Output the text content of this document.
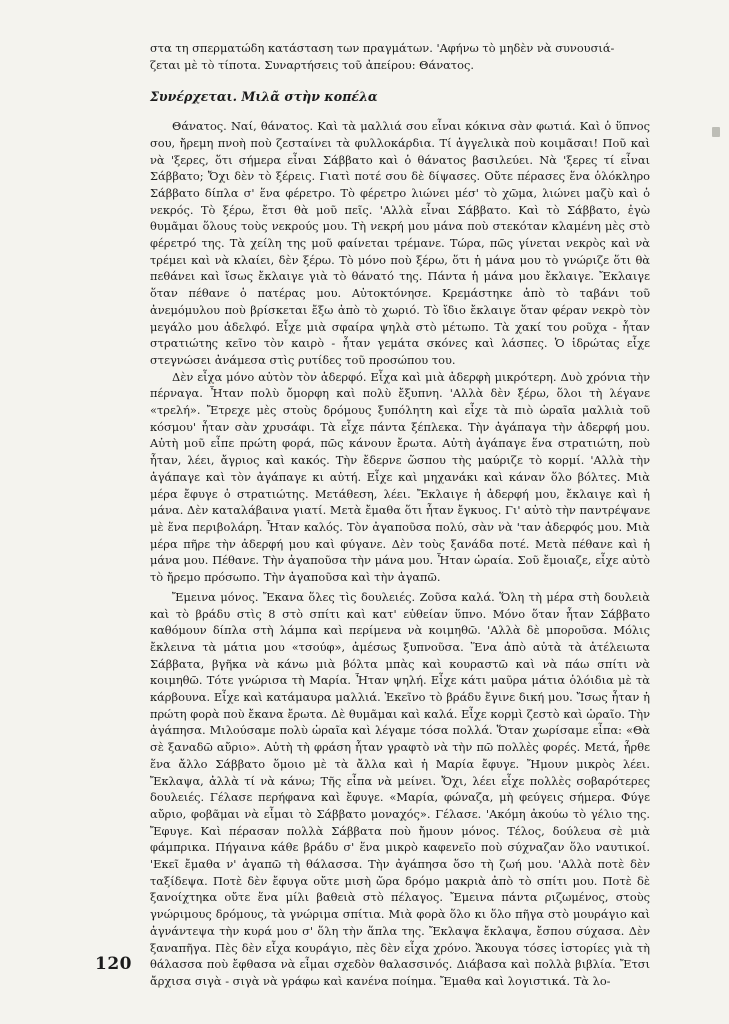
στα τη σπερματώδη κατάσταση των πραγμάτων. 'Αφήνω τὸ μηδὲν νὰ συνουσιά-

ζεται μὲ τὸ τίποτα. Συναρτήσεις τοῦ ἀπείρου: Θάνατος.

Συνέρχεται. Μιλᾶ στὴν κοπέλα

Θάνατος. Ναί, θάνατος. Καὶ τὰ μαλλιά σου εἶναι κόκινα σὰν φωτιά. Καὶ ὁ ὕπνος σου, ἤρεμη πνοὴ ποὺ ζεσταίνει τὰ φυλλοκάρδια. Τί ἀγγελικὰ ποὺ κοιμᾶσαι! Ποῦ καὶ νὰ 'ξερες, ὅτι σήμερα εἶναι Σάββατο καὶ ὁ θάνατος βασιλεύει. Νὰ 'ξερες τί εἶναι Σάββατο; Ὄχι δὲν τὸ ξέρεις. Γιατὶ ποτέ σου δὲ δίψασες. Οὔτε πέρασες ἕνα ὁλόκληρο Σάββατο δίπλα σ' ἕνα φέρετρο. Τὸ φέρετρο λιώνει μέσ' τὸ χῶμα, λιώνει μαζὺ καὶ ὁ νεκρός. Τὸ ξέρω, ἔτσι θὰ μοῦ πεῖς. 'Αλλὰ εἶναι Σάββατο. Καὶ τὸ Σάββατο, ἐγὼ θυμᾶμαι ὅλους τοὺς νεκρούς μου. Τὴ νεκρή μου μάνα ποὺ στεκόταν κλαμένη μὲς στὸ φέρετρό της. Τὰ χείλη της μοῦ φαίνεται τρέμανε. Τώρα, πῶς γίνεται νεκρὸς καὶ νὰ τρέμει καὶ νὰ κλαίει, δὲν ξέρω. Τὸ μόνο ποὺ ξέρω, ὅτι ἡ μάνα μου τὸ γνώριζε ὅτι θὰ πεθάνει καὶ ἴσως ἔκλαιγε γιὰ τὸ θάνατό της. Πάντα ἡ μάνα μου ἔκλαιγε. Ἔκλαιγε ὅταν πέθανε ὁ πατέρας μου. Αὐτοκτόνησε. Κρεμάστηκε ἀπὸ τὸ ταβάνι τοῦ ἀνεμόμυλου ποὺ βρίσκεται ἔξω ἀπὸ τὸ χωριό. Τὸ ἴδιο ἔκλαιγε ὅταν φέραν νεκρὸ τὸν μεγάλο μου ἀδελφό. Εἶχε μιὰ σφαίρα ψηλὰ στὸ μέτωπο. Τὰ χακί του ροῦχα - ἦταν στρατιώτης κεῖνο τὸν καιρὸ - ἦταν γεμάτα σκόνες καὶ λάσπες. Ὁ ἱδρώτας εἶχε στεγνώσει ἀνάμεσα στὶς ρυτίδες τοῦ προσώπου του.

Δὲν εἶχα μόνο αὐτὸν τὸν ἀδερφό. Εἶχα καὶ μιὰ ἀδερφὴ μικρότερη. Δυὸ χρόνια τὴν πέρναγα. Ἦταν πολὺ ὄμορφη καὶ πολὺ ἔξυπνη. 'Αλλὰ δὲν ξέρω, ὅλοι τὴ λέγανε «τρελή». Ἔτρεχε μὲς στοὺς δρόμους ξυπόλητη καὶ εἶχε τὰ πιὸ ὡραῖα μαλλιὰ τοῦ κόσμου' ἦταν σὰν χρυσάφι. Τὰ εἶχε πάντα ξέπλεκα. Τὴν ἀγάπαγα τὴν ἀδερφή μου. Αὐτὴ μοῦ εἶπε πρώτη φορά, πῶς κάνουν ἔρωτα. Αὐτὴ ἀγάπαγε ἕνα στρατιώτη, ποὺ ἦταν, λέει, ἄγριος καὶ κακός. Τὴν ἔδερνε ὥσπου τὴς μαύριζε τὸ κορμί. 'Αλλὰ τὴν ἀγάπαγε καὶ τὸν ἀγάπαγε κι αὐτή. Εἶχε καὶ μηχανάκι καὶ κάναν ὅλο βόλτες. Μιὰ μέρα ἔφυγε ὁ στρατιώτης. Μετάθεση, λέει. Ἔκλαιγε ἡ ἀδερφή μου, ἔκλαιγε καὶ ἡ μάνα. Δὲν καταλάβαινα γιατί. Μετὰ ἔμαθα ὅτι ἦταν ἔγκυος. Γι' αὐτὸ τὴν παντρέψανε μὲ ἕνα περιβολάρη. Ἦταν καλός. Τὸν ἀγαποῦσα πολύ, σὰν νὰ 'ταν ἀδερφός μου. Μιὰ μέρα πῆρε τὴν ἀδερφή μου καὶ φύγανε. Δὲν τοὺς ξανάδα ποτέ. Μετὰ πέθανε καὶ ἡ μάνα μου. Πέθανε. Τὴν ἀγαποῦσα τὴν μάνα μου. Ἦταν ὡραία. Σοῦ ἔμοιαζε, εἶχε αὐτὸ τὸ ἤρεμο πρόσωπο. Τὴν ἀγαποῦσα καὶ τὴν ἀγαπῶ.

Ἔμεινα μόνος. Ἔκανα ὅλες τὶς δουλειές. Ζοῦσα καλά. Ὅλη τὴ μέρα στὴ δουλειὰ καὶ τὸ βράδυ στὶς 8 στὸ σπίτι καὶ κατ' εὐθείαν ὕπνο. Μόνο ὅταν ἦταν Σάββατο καθόμουν δίπλα στὴ λάμπα καὶ περίμενα νὰ κοιμηθῶ. 'Αλλὰ δὲ μποροῦσα. Μόλις ἔκλεινα τὰ μάτια μου «τσούφ», ἀμέσως ξυπνοῦσα. Ἕνα ἀπὸ αὐτὰ τὰ ἀτέλειωτα Σάββατα, βγῆκα νὰ κάνω μιὰ βόλτα μπὰς καὶ κουραστῶ καὶ νὰ πάω σπίτι νὰ κοιμηθῶ. Τότε γνώρισα τὴ Μαρία. Ἦταν ψηλή. Εἶχε κάτι μαῦρα μάτια ὁλόιδια μὲ τὰ κάρβουνα. Εἶχε καὶ κατάμαυρα μαλλιά. Ἐκεῖνο τὸ βράδυ ἔγινε δική μου. Ἴσως ἦταν ἡ πρώτη φορὰ ποὺ ἔκανα ἔρωτα. Δὲ θυμᾶμαι καὶ καλά. Εἶχε κορμὶ ζεστὸ καὶ ὡραῖο. Τὴν ἀγάπησα. Μιλούσαμε πολὺ ὡραῖα καὶ λέγαμε τόσα πολλά. Ὅταν χωρίσαμε εἶπα: «Θὰ σὲ ξαναδῶ αὔριο». Αὐτὴ τὴ φράση ἦταν γραφτὸ νὰ τὴν πῶ πολλὲς φορές. Μετά, ἦρθε ἕνα ἄλλο Σάββατο ὅμοιο μὲ τὰ ἄλλα καὶ ἡ Μαρία ἔφυγε. Ἤμουν μικρὸς λέει. Ἔκλαψα, ἀλλὰ τί νὰ κάνω; Τῆς εἶπα νὰ μείνει. Ὄχι, λέει εἶχε πολλὲς σοβαρότερες δουλειές. Γέλασε περήφανα καὶ ἔφυγε. «Μαρία, φώναζα, μὴ φεύγεις σήμερα. Φύγε αὔριο, φοβᾶμαι νὰ εἶμαι τὸ Σάββατο μοναχός». Γέλασε. 'Ακόμη ἀκούω τὸ γέλιο της. Ἔφυγε. Καὶ πέρασαν πολλὰ Σάββατα ποὺ ἤμουν μόνος. Τέλος, δούλευα σὲ μιὰ φάμπρικα. Πήγαινα κάθε βράδυ σ' ἕνα μικρὸ καφενεῖο ποὺ σύχναζαν ὅλο ναυτικοί. 'Εκεῖ ἔμαθα ν' ἀγαπῶ τὴ θάλασσα. Τὴν ἀγάπησα ὅσο τὴ ζωή μου. 'Αλλὰ ποτὲ δὲν ταξίδεψα. Ποτὲ δὲν ἔφυγα οὔτε μισὴ ὥρα δρόμο μακριὰ ἀπὸ τὸ σπίτι μου. Ποτὲ δὲ ξανοίχτηκα οὔτε ἕνα μίλι βαθειὰ στὸ πέλαγος. Ἔμεινα πάντα ριζωμένος, στοὺς γνώριμους δρόμους, τὰ γνώριμα σπίτια. Μιὰ φορὰ ὅλο κι ὅλο πῆγα στὸ μουράγιο καὶ ἀγνάντεψα τὴν κυρά μου σ' ὅλη τὴν ἅπλα της. Ἔκλαψα ἔκλαψα, ἔσπου σύχασα. Δὲν ξαναπῆγα. Πὲς δὲν εἶχα κουράγιο, πὲς δὲν εἶχα χρόνο. Ἄκουγα τόσες ἱστορίες γιὰ τὴ θάλασσα ποὺ ἔφθασα νὰ εἶμαι σχεδὸν θαλασσινός. Διάβασα καὶ πολλὰ βιβλία. Ἔτσι ἄρχισα σιγὰ - σιγὰ νὰ γράφω καὶ κανένα ποίημα. Ἔμαθα καὶ λογιστικά. Τὰ λο-

120
